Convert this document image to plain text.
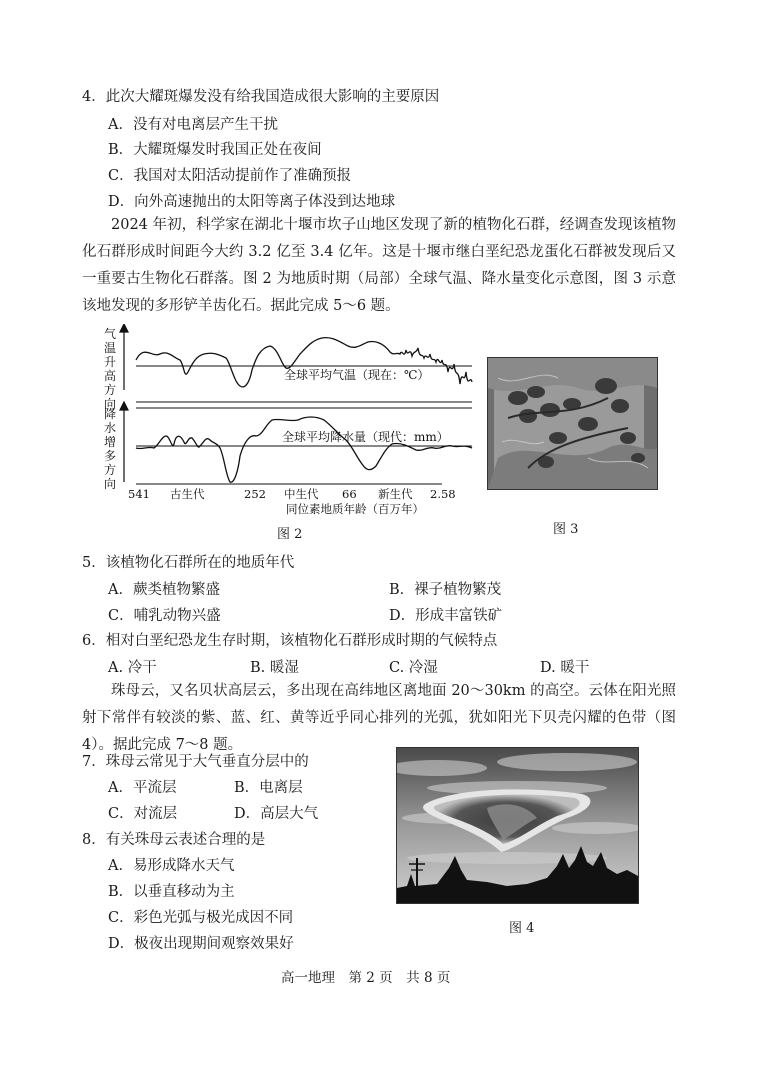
4．此次大耀斑爆发没有给我国造成很大影响的主要原因
A．没有对电离层产生干扰
B．大耀斑爆发时我国正处在夜间
C．我国对太阳活动提前作了准确预报
D．向外高速抛出的太阳等离子体没到达地球
2024 年初，科学家在湖北十堰市坎子山地区发现了新的植物化石群，经调查发现该植物化石群形成时间距今大约 3.2 亿至 3.4 亿年。这是十堰市继白垩纪恐龙蛋化石群被发现后又一重要古生物化石群落。图 2 为地质时期（局部）全球气温、降水量变化示意图，图 3 示意该地发现的多形铲羊齿化石。据此完成 5～6 题。
气
温
升
高
方
向
降
水
增
多
方
向
全球平均气温（现在：℃）
全球平均降水量（现代：mm）
541 古生代	252 中生代 66 新生代 2.58
同位素地质年龄（百万年）
图 2	图 3
5．该植物化石群所在的地质年代
A．蕨类植物繁盛	B．裸子植物繁茂
C．哺乳动物兴盛	D．形成丰富铁矿
6．相对白垩纪恐龙生存时期，该植物化石群形成时期的气候特点
A. 冷干	B. 暖湿	C. 冷湿	D. 暖干
珠母云，又名贝状高层云，多出现在高纬地区离地面 20～30km 的高空。云体在阳光照射下常伴有较淡的紫、蓝、红、黄等近乎同心排列的光弧，犹如阳光下贝壳闪耀的色带（图 4）。据此完成 7～8 题。
7．珠母云常见于大气垂直分层中的
A．平流层	B．电离层
C．对流层	D．高层大气
8．有关珠母云表述合理的是
A．易形成降水天气
B．以垂直移动为主
C．彩色光弧与极光成因不同
D．极夜出现期间观察效果好
图 4
高一地理　第 2 页　共 8 页
